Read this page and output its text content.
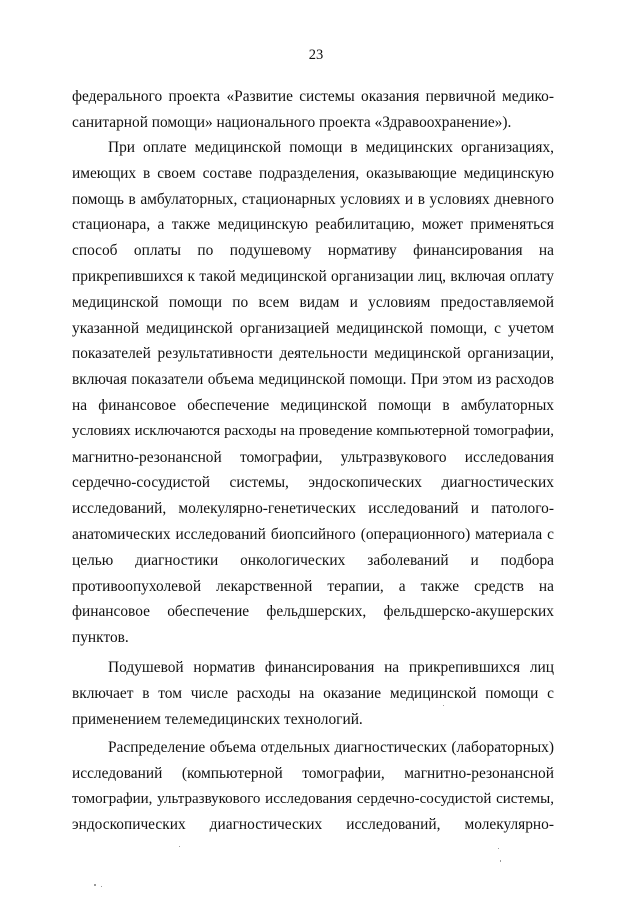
23
федерального проекта «Развитие системы оказания первичной медико-
санитарной помощи» национального проекта «Здравоохранение»).
При оплате медицинской помощи в медицинских организациях,
имеющих в своем составе подразделения, оказывающие медицинскую
помощь в амбулаторных, стационарных условиях и в условиях дневного
стационара, а также медицинскую реабилитацию, может применяться
способ оплаты по подушевому нормативу финансирования на
прикрепившихся к такой медицинской организации лиц, включая оплату
медицинской помощи по всем видам и условиям предоставляемой
указанной медицинской организацией медицинской помощи, с учетом
показателей результативности деятельности медицинской организации,
включая показатели объема медицинской помощи. При этом из расходов
на финансовое обеспечение медицинской помощи в амбулаторных
условиях исключаются расходы на проведение компьютерной томографии,
магнитно-резонансной томографии, ультразвукового исследования
сердечно-сосудистой системы, эндоскопических диагностических
исследований, молекулярно-генетических исследований и патолого-
анатомических исследований биопсийного (операционного) материала с
целью диагностики онкологических заболеваний и подбора
противоопухолевой лекарственной терапии, а также средств на
финансовое обеспечение фельдшерских, фельдшерско-акушерских
пунктов.
Подушевой норматив финансирования на прикрепившихся лиц
включает в том числе расходы на оказание медицинской помощи с
применением телемедицинских технологий.
Распределение объема отдельных диагностических (лабораторных)
исследований (компьютерной томографии, магнитно-резонансной
томографии, ультразвукового исследования сердечно-сосудистой системы,
эндоскопических диагностических исследований, молекулярно-
